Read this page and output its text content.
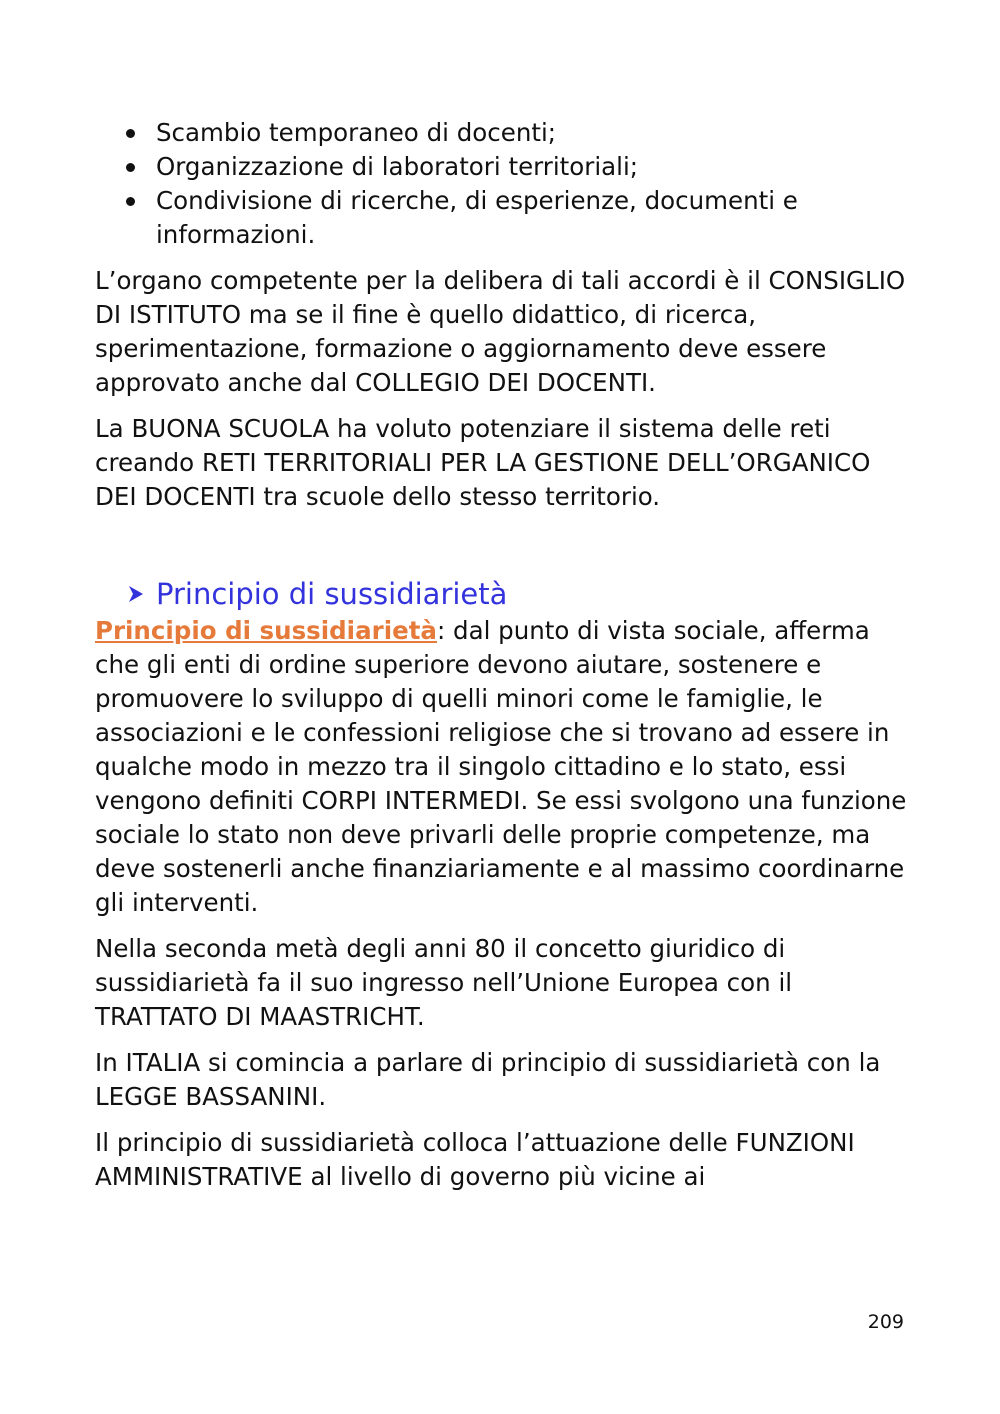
Scambio temporaneo di docenti;
Organizzazione di laboratori territoriali;
Condivisione di ricerche, di esperienze, documenti e informazioni.

L’organo competente per la delibera di tali accordi è il CONSIGLIO DI ISTITUTO ma se il fine è quello didattico, di ricerca, sperimentazione, formazione o aggiornamento deve essere approvato anche dal COLLEGIO DEI DOCENTI.

La BUONA SCUOLA ha voluto potenziare il sistema delle reti creando RETI TERRITORIALI PER LA GESTIONE DELL’ORGANICO DEI DOCENTI tra scuole dello stesso territorio.

Principio di sussidiarietà

Principio di sussidiarietà: dal punto di vista sociale, afferma che gli enti di ordine superiore devono aiutare, sostenere e promuovere lo sviluppo di quelli minori come le famiglie, le associazioni e le confessioni religiose che si trovano ad essere in qualche modo in mezzo tra il singolo cittadino e lo stato, essi vengono definiti CORPI INTERMEDI. Se essi svolgono una funzione sociale lo stato non deve privarli delle proprie competenze, ma deve sostenerli anche finanziariamente e al massimo coordinarne gli interventi.

Nella seconda metà degli anni 80 il concetto giuridico di sussidiarietà fa il suo ingresso nell’Unione Europea con il TRATTATO DI MAASTRICHT.

In ITALIA si comincia a parlare di principio di sussidiarietà con la LEGGE BASSANINI.

Il principio di sussidiarietà colloca l’attuazione delle FUNZIONI AMMINISTRATIVE al livello di governo più vicine ai

209
